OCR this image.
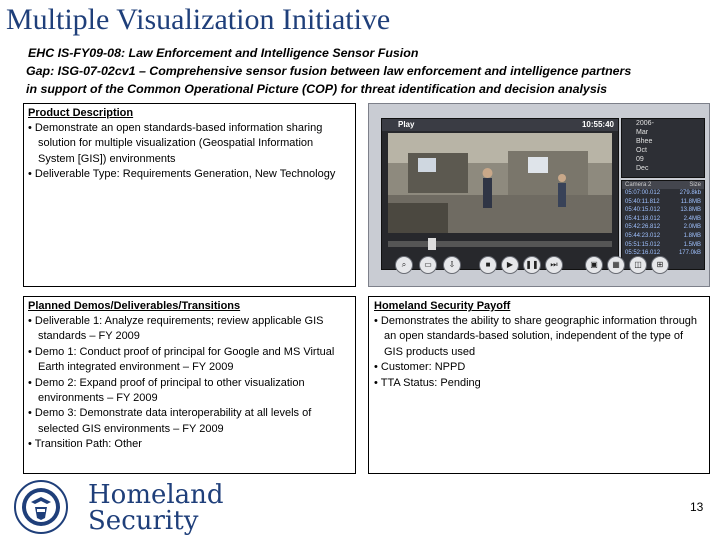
Multiple Visualization Initiative
EHC IS-FY09-08: Law Enforcement and Intelligence Sensor Fusion
Gap: ISG-07-02cv1 – Comprehensive sensor fusion between law enforcement and intelligence partners
in support of the Common Operational Picture (COP) for threat identification and decision analysis
Product Description
• Demonstrate an open standards-based information sharing solution for multiple visualization (Geospatial Information System [GIS]) environments
• Deliverable Type: Requirements Generation, New Technology
Play	10:55:40	2006-
Mar
Bhee
Oct
09
Dec
Camera 2	Size
05:07:00.012	279.8kb
05:40:11.812	11.8MB
05:40:15.012	13.8MB
05:41:18.012	2.4MB
05:42:26.812	2.0MB
05:44:23.012	1.8MB
05:51:15.012	1.5MB
05:52:16.012	177.0kB
⌕	▭	⇩	■	▶	❚❚	⏭	▣	▦	◫	⊞
Planned Demos/Deliverables/Transitions
• Deliverable 1: Analyze requirements; review applicable GIS standards – FY 2009
• Demo 1: Conduct proof of principal for Google and MS Virtual Earth integrated environment – FY 2009
• Demo 2: Expand proof of principal to other visualization environments – FY 2009
• Demo 3: Demonstrate data interoperability at all levels of selected GIS environments – FY 2009
• Transition Path: Other
Homeland Security Payoff
• Demonstrates the ability to share geographic information through an open standards-based solution, independent of the type of GIS products used
• Customer: NPPD
• TTA Status: Pending
Homeland
Security	13
